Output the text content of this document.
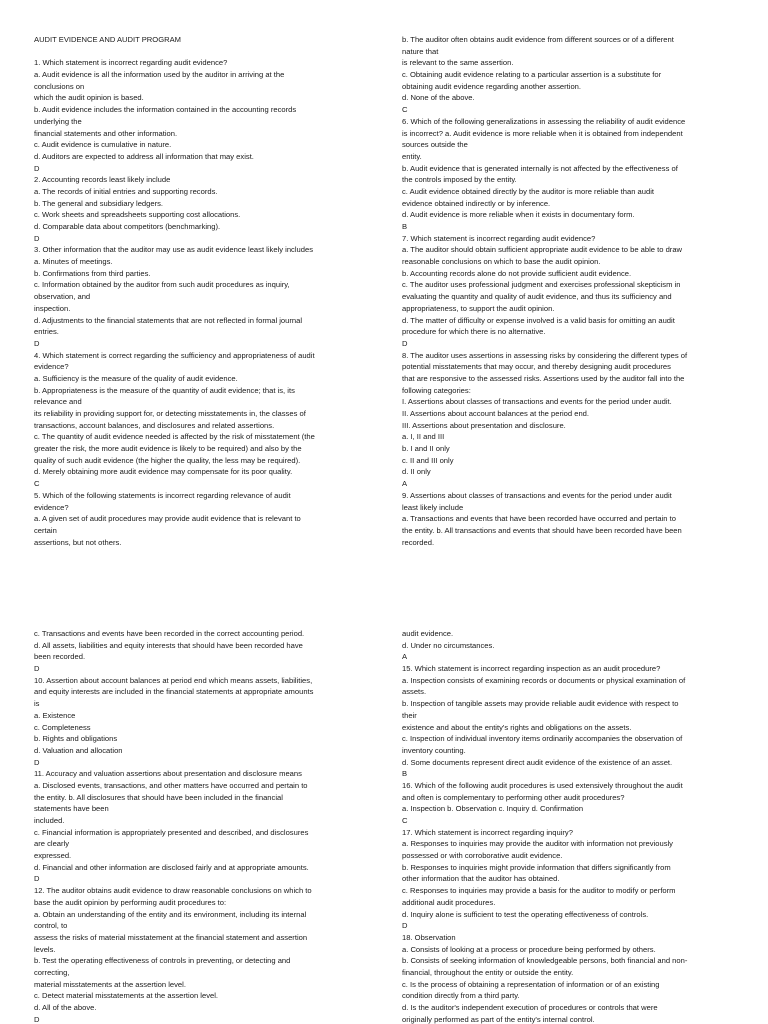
AUDIT EVIDENCE AND AUDIT PROGRAM

1. Which statement is incorrect regarding audit evidence?
a. Audit evidence is all the information used by the auditor in arriving at the
conclusions on
which the audit opinion is based.
b. Audit evidence includes the information contained in the accounting records
underlying the
financial statements and other information.
c. Audit evidence is cumulative in nature.
d. Auditors are expected to address all information that may exist.
D
2. Accounting records least likely include
a. The records of initial entries and supporting records.
b. The general and subsidiary ledgers.
c. Work sheets and spreadsheets supporting cost allocations.
d. Comparable data about competitors (benchmarking).
D
3. Other information that the auditor may use as audit evidence least likely includes
a. Minutes of meetings.
b. Confirmations from third parties.
c. Information obtained by the auditor from such audit procedures as inquiry,
observation, and
inspection.
d. Adjustments to the financial statements that are not reflected in formal journal
entries.
D
4. Which statement is correct regarding the sufficiency and appropriateness of audit
evidence?
a. Sufficiency is the measure of the quality of audit evidence.
b. Appropriateness is the measure of the quantity of audit evidence; that is, its
relevance and
its reliability in providing support for, or detecting misstatements in, the classes of
transactions, account balances, and disclosures and related assertions.
c. The quantity of audit evidence needed is affected by the risk of misstatement (the
greater the risk, the more audit evidence is likely to be required) and also by the
quality of such audit evidence (the higher the quality, the less may be required).
d. Merely obtaining more audit evidence may compensate for its poor quality.
C
5. Which of the following statements is incorrect regarding relevance of audit
evidence?
a. A given set of audit procedures may provide audit evidence that is relevant to
certain
assertions, but not others.
b. The auditor often obtains audit evidence from different sources or of a different
nature that
is relevant to the same assertion.
c. Obtaining audit evidence relating to a particular assertion is a substitute for
obtaining audit evidence regarding another assertion.
d. None of the above.
C
6. Which of the following generalizations in assessing the reliability of audit evidence
is incorrect? a. Audit evidence is more reliable when it is obtained from independent
sources outside the
entity.
b. Audit evidence that is generated internally is not affected by the effectiveness of
the controls imposed by the entity.
c. Audit evidence obtained directly by the auditor is more reliable than audit
evidence obtained indirectly or by inference.
d. Audit evidence is more reliable when it exists in documentary form.
B
7. Which statement is incorrect regarding audit evidence?
a. The auditor should obtain sufficient appropriate audit evidence to be able to draw
reasonable conclusions on which to base the audit opinion.
b. Accounting records alone do not provide sufficient audit evidence.
c. The auditor uses professional judgment and exercises professional skepticism in
evaluating the quantity and quality of audit evidence, and thus its sufficiency and
appropriateness, to support the audit opinion.
d. The matter of difficulty or expense involved is a valid basis for omitting an audit
procedure for which there is no alternative.
D
8. The auditor uses assertions in assessing risks by considering the different types of
potential misstatements that may occur, and thereby designing audit procedures
that are responsive to the assessed risks. Assertions used by the auditor fall into the
following categories:
I. Assertions about classes of transactions and events for the period under audit.
II. Assertions about account balances at the period end.
III. Assertions about presentation and disclosure.
a. I, II and III
b. I and II only
c. II and III only
d. II only
A
9. Assertions about classes of transactions and events for the period under audit
least likely include
a. Transactions and events that have been recorded have occurred and pertain to
the entity. b. All transactions and events that should have been recorded have been
recorded.
c. Transactions and events have been recorded in the correct accounting period.
d. All assets, liabilities and equity interests that should have been recorded have
been recorded.
D
10. Assertion about account balances at period end which means assets, liabilities,
and equity interests are included in the financial statements at appropriate amounts
is
a. Existence
c. Completeness
b. Rights and obligations
d. Valuation and allocation
D
11. Accuracy and valuation assertions about presentation and disclosure means
a. Disclosed events, transactions, and other matters have occurred and pertain to
the entity. b. All disclosures that should have been included in the financial
statements have been
included.
c. Financial information is appropriately presented and described, and disclosures
are clearly
expressed.
d. Financial and other information are disclosed fairly and at appropriate amounts.
D
12. The auditor obtains audit evidence to draw reasonable conclusions on which to
base the audit opinion by performing audit procedures to:
a. Obtain an understanding of the entity and its environment, including its internal
control, to
assess the risks of material misstatement at the financial statement and assertion
levels.
b. Test the operating effectiveness of controls in preventing, or detecting and
correcting,
material misstatements at the assertion level.
c. Detect material misstatements at the assertion level.
d. All of the above.
D
audit evidence.
d. Under no circumstances.
A
15. Which statement is incorrect regarding inspection as an audit procedure?
a. Inspection consists of examining records or documents or physical examination of
assets.
b. Inspection of tangible assets may provide reliable audit evidence with respect to
their
existence and about the entity's rights and obligations on the assets.
c. Inspection of individual inventory items ordinarily accompanies the observation of
inventory counting.
d. Some documents represent direct audit evidence of the existence of an asset.
B
16. Which of the following audit procedures is used extensively throughout the audit
and often is complementary to performing other audit procedures?
a. Inspection b. Observation c. Inquiry d. Confirmation
C
17. Which statement is incorrect regarding inquiry?
a. Responses to inquiries may provide the auditor with information not previously
possessed or with corroborative audit evidence.
b. Responses to inquiries might provide information that differs significantly from
other information that the auditor has obtained.
c. Responses to inquiries may provide a basis for the auditor to modify or perform
additional audit procedures.
d. Inquiry alone is sufficient to test the operating effectiveness of controls.
D
18. Observation
a. Consists of looking at a process or procedure being performed by others.
b. Consists of seeking information of knowledgeable persons, both financial and non-
financial, throughout the entity or outside the entity.
c. Is the process of obtaining a representation of information or of an existing
condition directly from a third party.
d. Is the auditor's independent execution of procedures or controls that were
originally performed as part of the entity's internal control.
